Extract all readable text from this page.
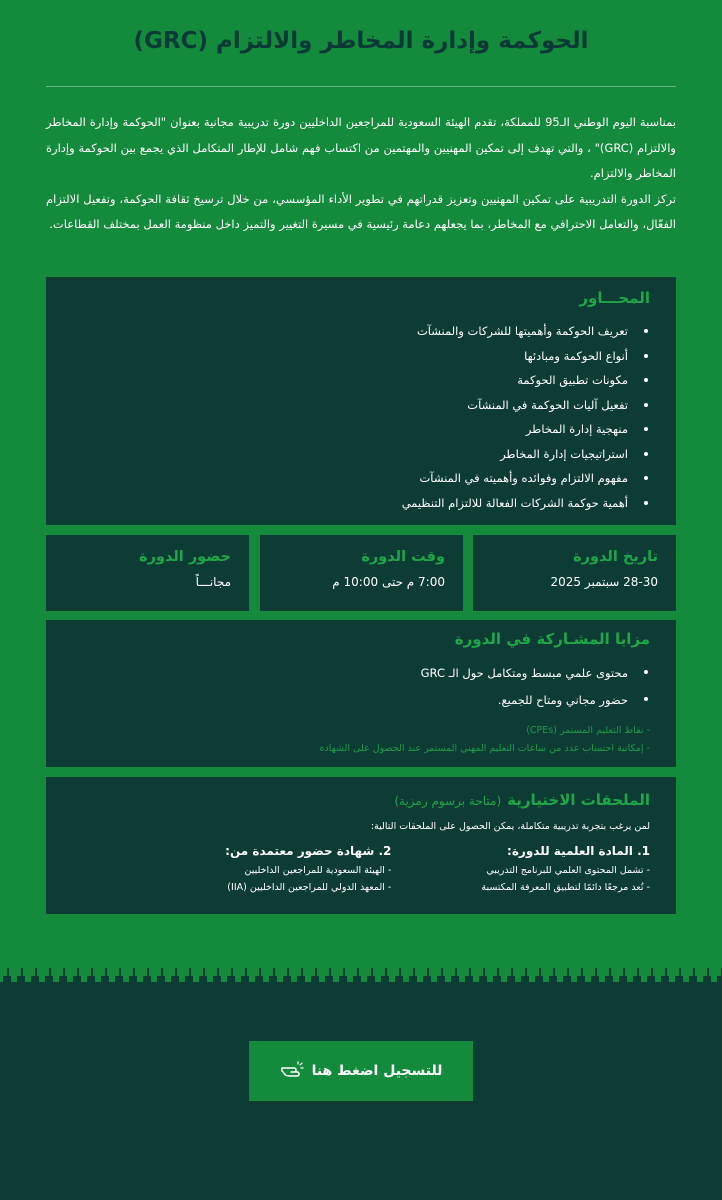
الحوكمة وإدارة المخاطر والالتزام (GRC)

بمناسبة اليوم الوطني الـ95 للمملكة، تقدم الهيئة السعودية للمراجعين الداخليين دورة تدريبية مجانية بعنوان "الحوكمة وإدارة المخاطر والالتزام (GRC)" ، والتي تهدف إلى تمكين المهنيين والمهتمين من اكتساب فهم شامل للإطار المتكامل الذي يجمع بين الحوكمة وإدارة المخاطر والالتزام.

تركز الدورة التدريبية على تمكين المهنيين وتعزيز قدراتهم في تطوير الأداء المؤسسي، من خلال ترسيخ ثقافة الحوكمة، وتفعيل الالتزام الفعّال، والتعامل الاحترافي مع المخاطر، بما يجعلهم دعامة رئيسية في مسيرة التغيير والتميز داخل منظومة العمل بمختلف القطاعات.

المحـــاور
تعريف الحوكمة وأهميتها للشركات والمنشآت
أنواع الحوكمة ومبادئها
مكونات تطبيق الحوكمة
تفعيل آليات الحوكمة في المنشآت
منهجية إدارة المخاطر
استراتيجيات إدارة المخاطر
مفهوم الالتزام وفوائده وأهميته في المنشآت
أهمية حوكمة الشركات الفعالة للالتزام التنظيمي
تاريخ الدورة
28-30 سبتمبر 2025
وقت الدورة
7:00 م حتى 10:00 م
حضور الدورة
مجانـــاً
مزايا المشـاركة في الدورة
محتوى علمي مبسط ومتكامل حول الـ GRC
حضور مجاني ومتاح للجميع.
- نقاط التعليم المستمر (CPEs)
- إمكانية احتساب عدد من ساعات التعليم المهني المستمر عند الحصول على الشهادة
الملحقات الاختيارية
(متاحة برسوم رمزية)

لمن يرغب بتجربة تدريبية متكاملة، يمكن الحصول على الملحقات التالية:

1. المادة العلمية للدورة:
- تشمل المحتوى العلمي للبرنامج التدريبي
- تُعد مرجعًا دائمًا لتطبيق المعرفة المكتسبة
2. شهادة حضور معتمدة من:
- الهيئة السعودية للمراجعين الداخليين
- المعهد الدولي للمراجعين الداخليين (IIA)
للتسجيل اضغط هنا
